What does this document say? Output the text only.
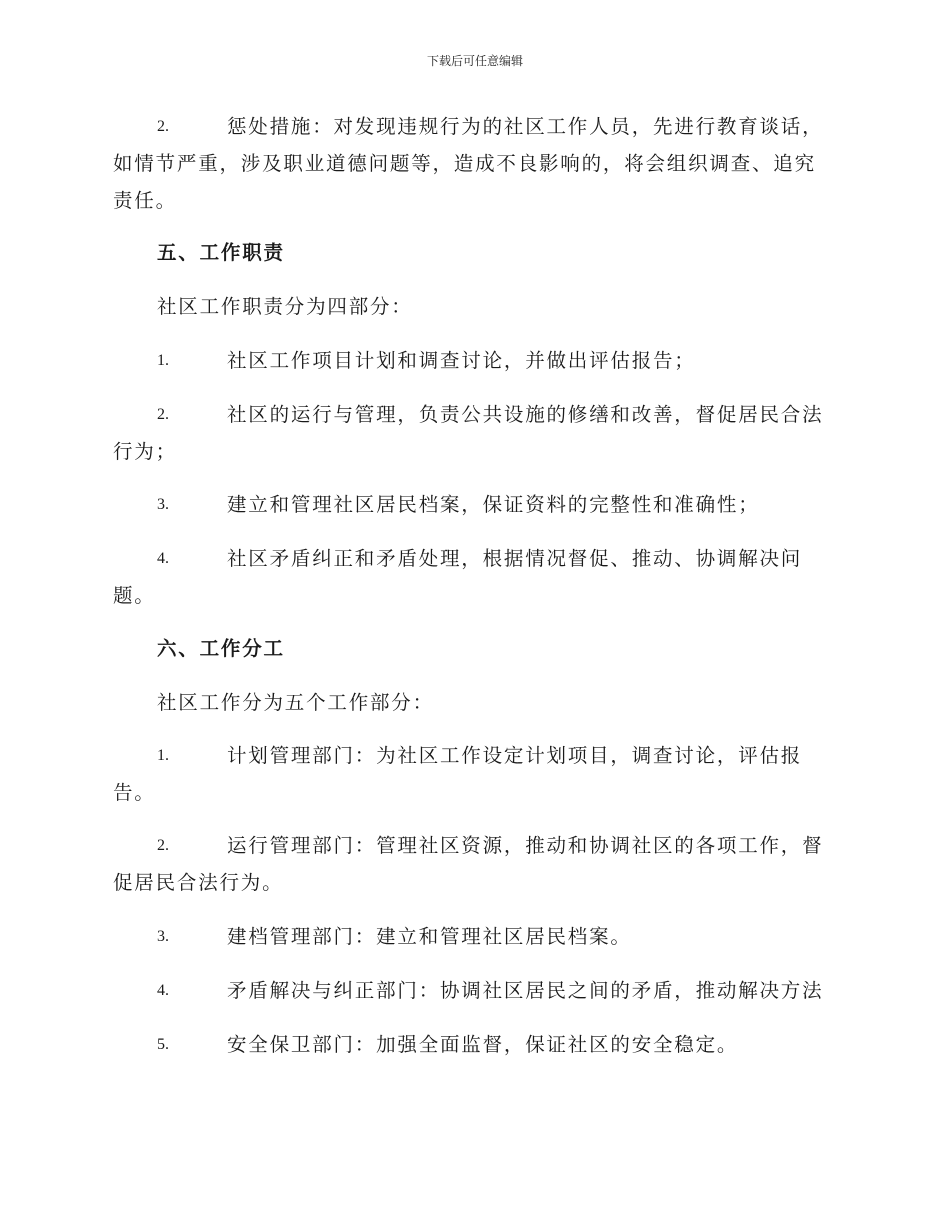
下载后可任意编辑
2.	惩处措施：对发现违规行为的社区工作人员，先进行教育谈话，
如情节严重，涉及职业道德问题等，造成不良影响的，将会组织调查、追究
责任。
五、工作职责
社区工作职责分为四部分：
1.	社区工作项目计划和调查讨论，并做出评估报告；
2.	社区的运行与管理，负责公共设施的修缮和改善，督促居民合法
行为；
3.	建立和管理社区居民档案，保证资料的完整性和准确性；
4.	社区矛盾纠正和矛盾处理，根据情况督促、推动、协调解决问
题。
六、工作分工
社区工作分为五个工作部分：
1.	计划管理部门：为社区工作设定计划项目，调查讨论，评估报
告。
2.	运行管理部门：管理社区资源，推动和协调社区的各项工作，督
促居民合法行为。
3.	建档管理部门：建立和管理社区居民档案。
4.	矛盾解决与纠正部门：协调社区居民之间的矛盾，推动解决方法
5.	安全保卫部门：加强全面监督，保证社区的安全稳定。
